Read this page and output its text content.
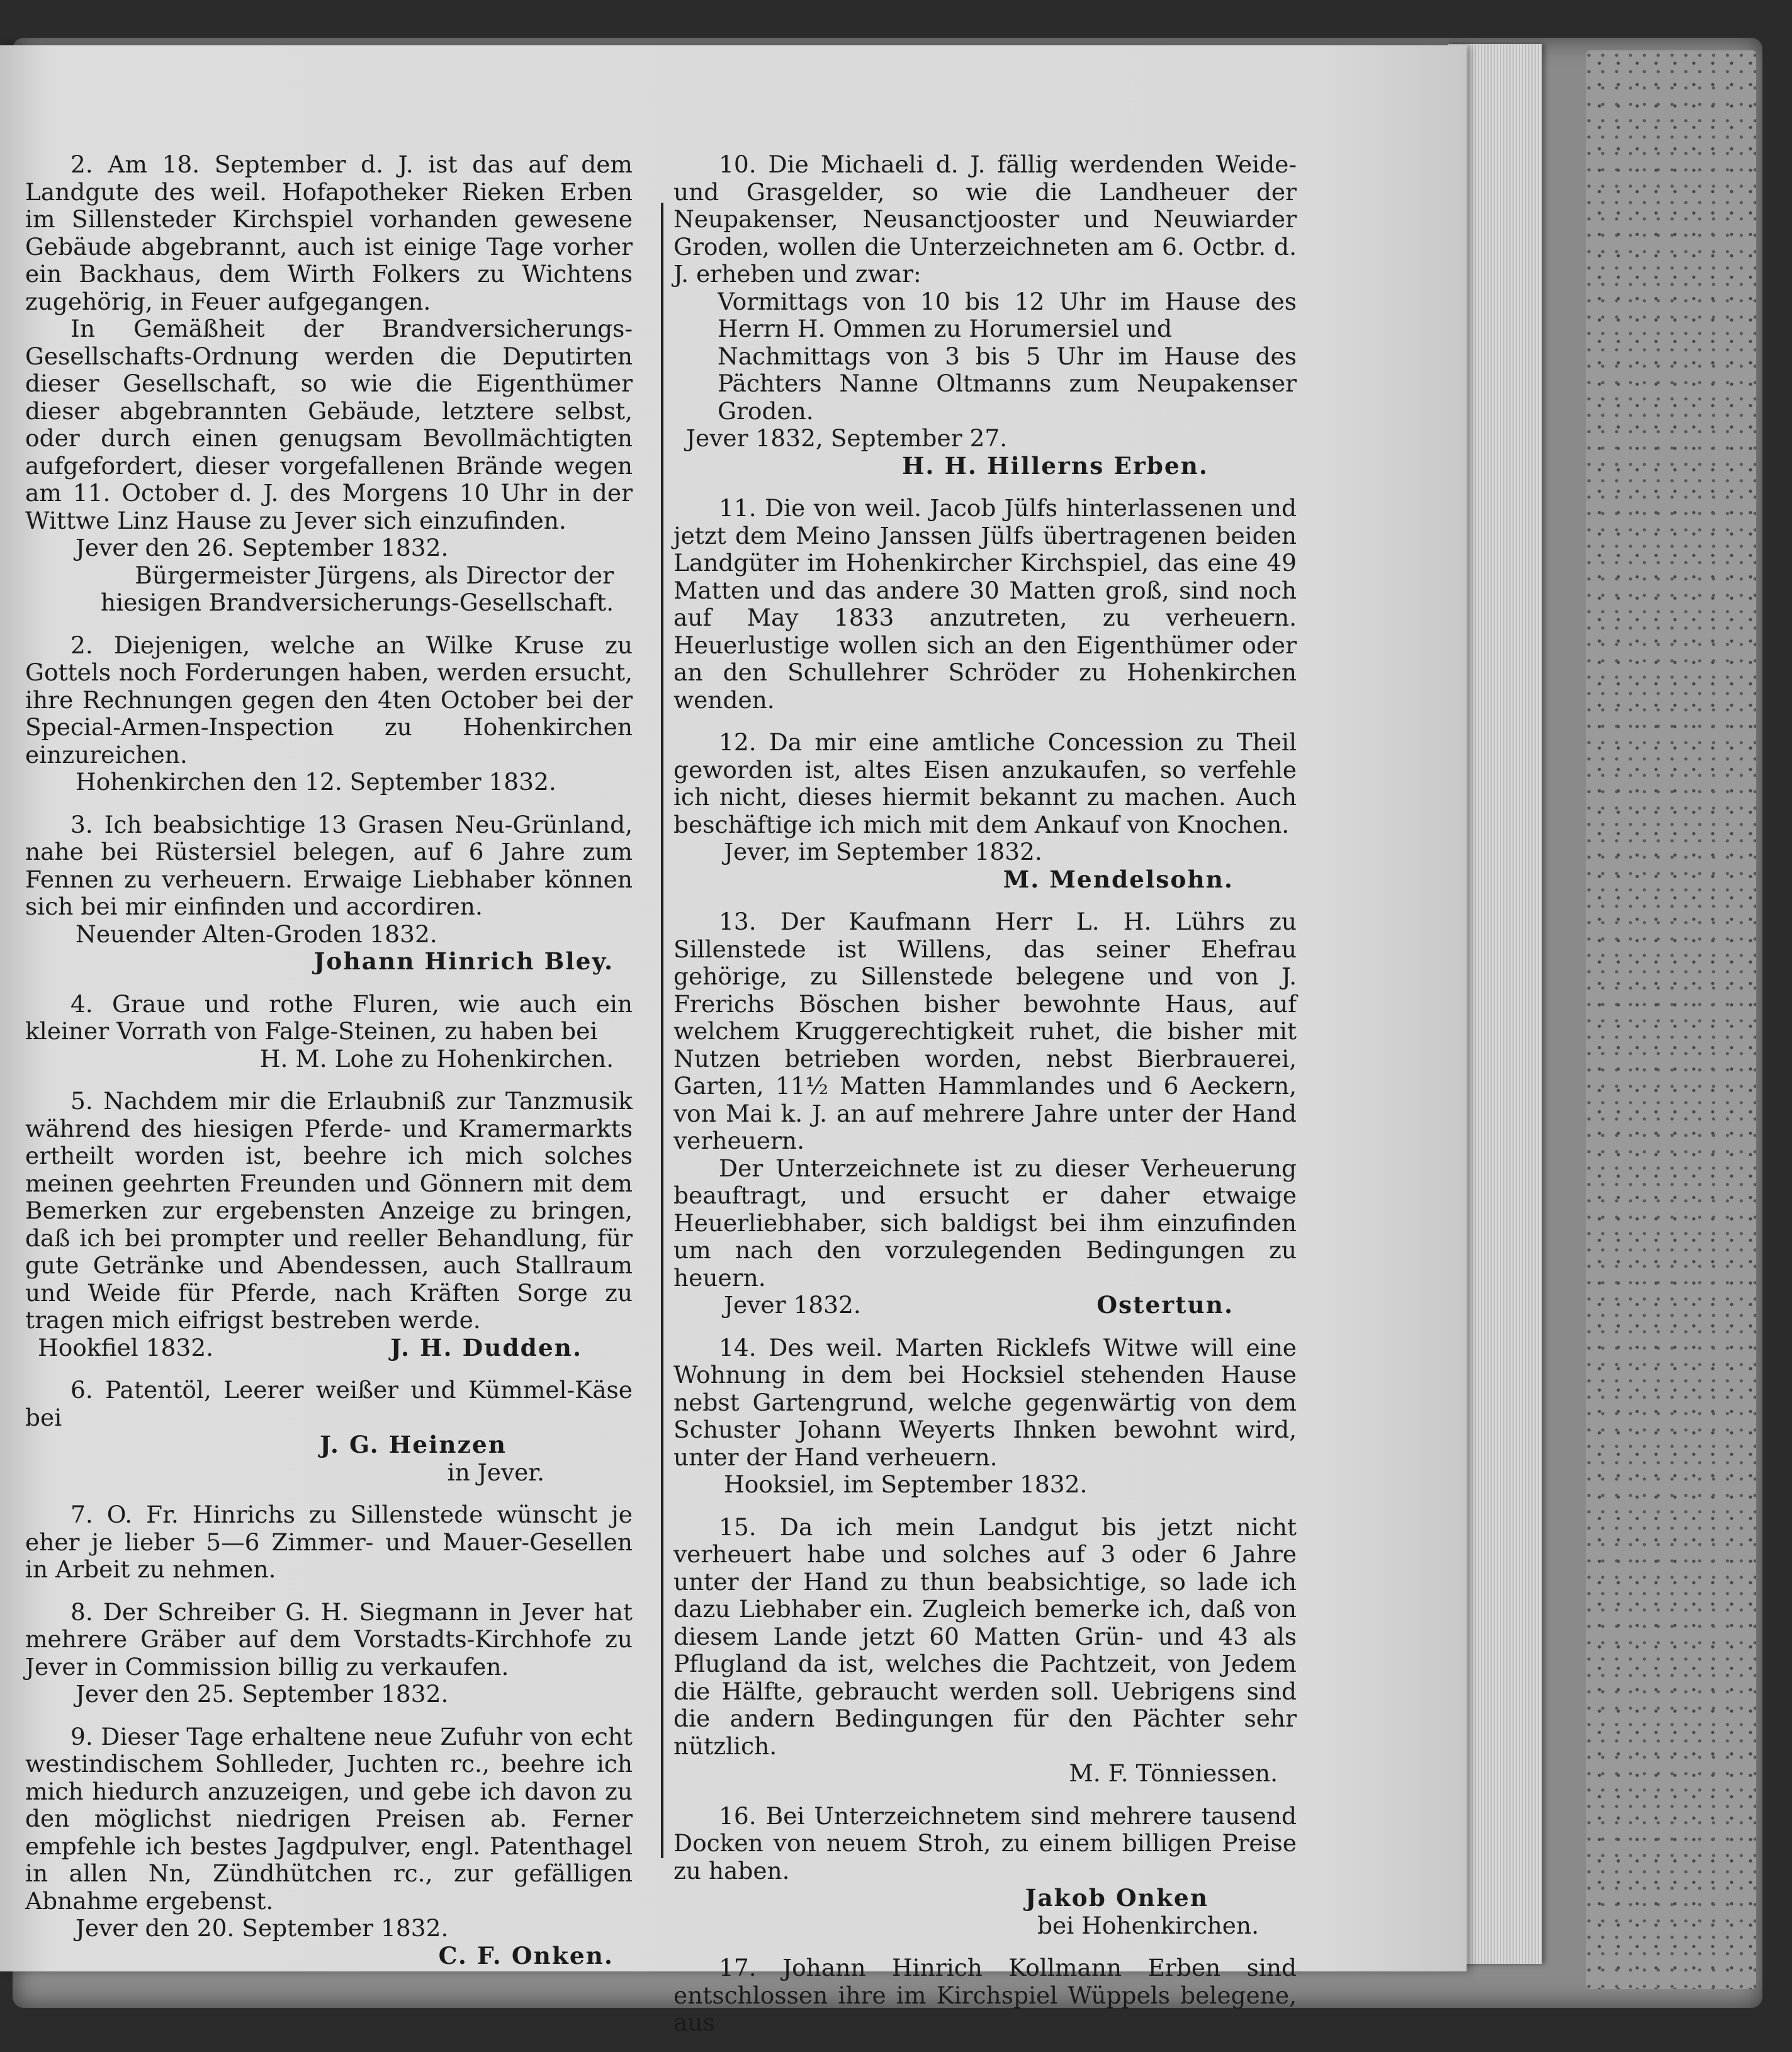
2. Am 18. September d. J. ist das auf dem Landgute des weil. Hofapotheker Rieken Erben im Sillensteder Kirchspiel vorhanden gewesene Gebäude abgebrannt, auch ist einige Tage vorher ein Backhaus, dem Wirth Folkers zu Wichtens zugehörig, in Feuer aufgegangen.

In Gemäßheit der Brandversicherungs-Gesellschafts-Ordnung werden die Deputirten dieser Gesellschaft, so wie die Eigenthümer dieser abgebrannten Gebäude, letztere selbst, oder durch einen genugsam Bevollmächtigten aufgefordert, dieser vorgefallenen Brände wegen am 11. October d. J. des Morgens 10 Uhr in der Wittwe Linz Hause zu Jever sich einzufinden.

Jever den 26. September 1832.
Bürgermeister Jürgens, als Director der
hiesigen Brandversicherungs-Gesellschaft.

2. Diejenigen, welche an Wilke Kruse zu Gottels noch Forderungen haben, werden ersucht, ihre Rechnungen gegen den 4ten October bei der Special-Armen-Inspection zu Hohenkirchen einzureichen.

Hohenkirchen den 12. September 1832.

3. Ich beabsichtige 13 Grasen Neu-Grünland, nahe bei Rüstersiel belegen, auf 6 Jahre zum Fennen zu verheuern. Erwaige Liebhaber können sich bei mir einfinden und accordiren.

Neuender Alten-Groden 1832.
Johann Hinrich Bley.

4. Graue und rothe Fluren, wie auch ein kleiner Vorrath von Falge-Steinen, zu haben bei

H. M. Lohe zu Hohenkirchen.

5. Nachdem mir die Erlaubniß zur Tanzmusik während des hiesigen Pferde- und Kramermarkts ertheilt worden ist, beehre ich mich solches meinen geehrten Freunden und Gönnern mit dem Bemerken zur ergebensten Anzeige zu bringen, daß ich bei prompter und reeller Behandlung, für gute Getränke und Abendessen, auch Stallraum und Weide für Pferde, nach Kräften Sorge zu tragen mich eifrigst bestreben werde.

Hookfiel 1832.	J. H. Dudden.

6. Patentöl, Leerer weißer und Kümmel-Käse bei

J. G. Heinzen
in Jever.

7. O. Fr. Hinrichs zu Sillenstede wünscht je eher je lieber 5—6 Zimmer- und Mauer-Gesellen in Arbeit zu nehmen.

8. Der Schreiber G. H. Siegmann in Jever hat mehrere Gräber auf dem Vorstadts-Kirchhofe zu Jever in Commission billig zu verkaufen.

Jever den 25. September 1832.

9. Dieser Tage erhaltene neue Zufuhr von echt westindischem Sohlleder, Juchten rc., beehre ich mich hiedurch anzuzeigen, und gebe ich davon zu den möglichst niedrigen Preisen ab. Ferner empfehle ich bestes Jagdpulver, engl. Patenthagel in allen Nn, Zündhütchen rc., zur gefälligen Abnahme ergebenst.

Jever den 20. September 1832.
C. F. Onken.

10. Die Michaeli d. J. fällig werdenden Weide- und Grasgelder, so wie die Landheuer der Neupakenser, Neusanctjooster und Neuwiarder Groden, wollen die Unterzeichneten am 6. Octbr. d. J. erheben und zwar:

Vormittags von 10 bis 12 Uhr im Hause des Herrn H. Ommen zu Horumersiel und
Nachmittags von 3 bis 5 Uhr im Hause des Pächters Nanne Oltmanns zum Neupakenser Groden.
Jever 1832, September 27.
H. H. Hillerns Erben.

11. Die von weil. Jacob Jülfs hinterlassenen und jetzt dem Meino Janssen Jülfs übertragenen beiden Landgüter im Hohenkircher Kirchspiel, das eine 49 Matten und das andere 30 Matten groß, sind noch auf May 1833 anzutreten, zu verheuern. Heuerlustige wollen sich an den Eigenthümer oder an den Schullehrer Schröder zu Hohenkirchen wenden.

12. Da mir eine amtliche Concession zu Theil geworden ist, altes Eisen anzukaufen, so verfehle ich nicht, dieses hiermit bekannt zu machen. Auch beschäftige ich mich mit dem Ankauf von Knochen.

Jever, im September 1832.
M. Mendelsohn.

13. Der Kaufmann Herr L. H. Lührs zu Sillenstede ist Willens, das seiner Ehefrau gehörige, zu Sillenstede belegene und von J. Frerichs Böschen bisher bewohnte Haus, auf welchem Kruggerechtigkeit ruhet, die bisher mit Nutzen betrieben worden, nebst Bierbrauerei, Garten, 11½ Matten Hammlandes und 6 Aeckern, von Mai k. J. an auf mehrere Jahre unter der Hand verheuern.

Der Unterzeichnete ist zu dieser Verheuerung beauftragt, und ersucht er daher etwaige Heuerliebhaber, sich baldigst bei ihm einzufinden um nach den vorzulegenden Bedingungen zu heuern.

Jever 1832.	Ostertun.

14. Des weil. Marten Ricklefs Witwe will eine Wohnung in dem bei Hocksiel stehenden Hause nebst Gartengrund, welche gegenwärtig von dem Schuster Johann Weyerts Ihnken bewohnt wird, unter der Hand verheuern.

Hooksiel, im September 1832.

15. Da ich mein Landgut bis jetzt nicht verheuert habe und solches auf 3 oder 6 Jahre unter der Hand zu thun beabsichtige, so lade ich dazu Liebhaber ein. Zugleich bemerke ich, daß von diesem Lande jetzt 60 Matten Grün- und 43 als Pflugland da ist, welches die Pachtzeit, von Jedem die Hälfte, gebraucht werden soll. Uebrigens sind die andern Bedingungen für den Pächter sehr nützlich.

M. F. Tönniessen.

16. Bei Unterzeichnetem sind mehrere tausend Docken von neuem Stroh, zu einem billigen Preise zu haben.

Jakob Onken
bei Hohenkirchen.

17. Johann Hinrich Kollmann Erben sind entschlossen ihre im Kirchspiel Wüppels belegene, aus
